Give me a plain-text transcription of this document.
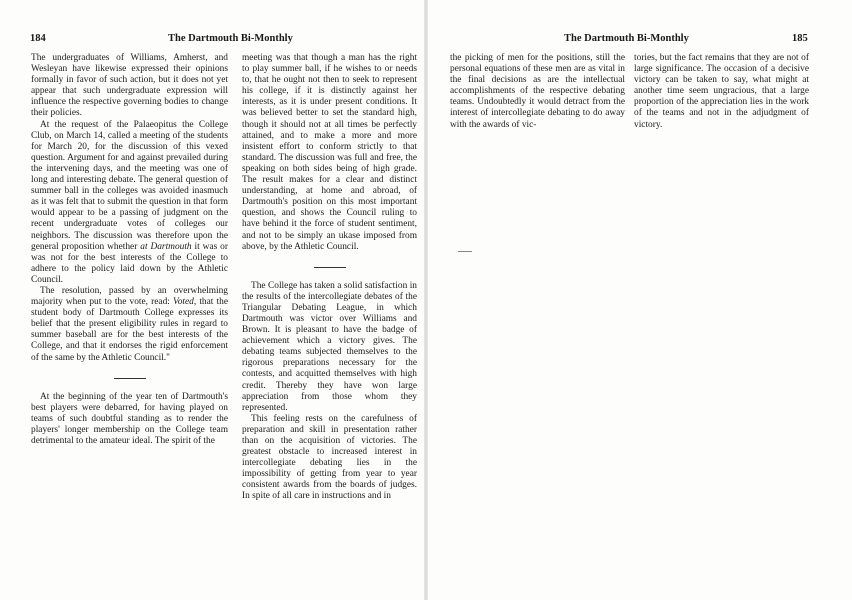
184	The Dartmouth Bi-Monthly

The undergraduates of Williams, Amherst, and Wesleyan have likewise expressed their opinions formally in favor of such action, but it does not yet appear that such undergraduate expression will influence the respective governing bodies to change their policies.

At the request of the Palaeopitus the College Club, on March 14, called a meeting of the students for March 20, for the discussion of this vexed question. Argument for and against prevailed during the intervening days, and the meeting was one of long and interesting debate. The general question of summer ball in the colleges was avoided inasmuch as it was felt that to submit the question in that form would appear to be a passing of judgment on the recent undergraduate votes of colleges our neighbors. The discussion was therefore upon the general proposition whether at Dartmouth it was or was not for the best interests of the College to adhere to the policy laid down by the Athletic Council.

The resolution, passed by an overwhelming majority when put to the vote, read: Voted, that the student body of Dartmouth College expresses its belief that the present eligibility rules in regard to summer baseball are for the best interests of the College, and that it endorses the rigid enforcement of the same by the Athletic Council."

At the beginning of the year ten of Dartmouth's best players were debarred, for having played on teams of such doubtful standing as to render the players' longer membership on the College team detrimental to the amateur ideal. The spirit of the

meeting was that though a man has the right to play summer ball, if he wishes to or needs to, that he ought not then to seek to represent his college, if it is distinctly against her interests, as it is under present conditions. It was believed better to set the standard high, though it should not at all times be perfectly attained, and to make a more and more insistent effort to conform strictly to that standard. The discussion was full and free, the speaking on both sides being of high grade. The result makes for a clear and distinct understanding, at home and abroad, of Dartmouth's position on this most important question, and shows the Council ruling to have behind it the force of student sentiment, and not to be simply an ukase imposed from above, by the Athletic Council.

The College has taken a solid satisfaction in the results of the intercollegiate debates of the Triangular Debating League, in which Dartmouth was victor over Williams and Brown. It is pleasant to have the badge of achievement which a victory gives. The debating teams subjected themselves to the rigorous preparations necessary for the contests, and acquitted themselves with high credit. Thereby they have won large appreciation from those whom they represented.

This feeling rests on the carefulness of preparation and skill in presentation rather than on the acquisition of victories. The greatest obstacle to increased interest in intercollegiate debating lies in the impossibility of getting from year to year consistent awards from the boards of judges. In spite of all care in instructions and in

The Dartmouth Bi-Monthly	185

the picking of men for the positions, still the personal equations of these men are as vital in the final decisions as are the intellectual accomplishments of the respective debating teams. Undoubtedly it would detract from the interest of intercollegiate debating to do away with the awards of vic-

tories, but the fact remains that they are not of large significance. The occasion of a decisive victory can be taken to say, what might at another time seem ungracious, that a large proportion of the appreciation lies in the work of the teams and not in the adjudgment of victory.
